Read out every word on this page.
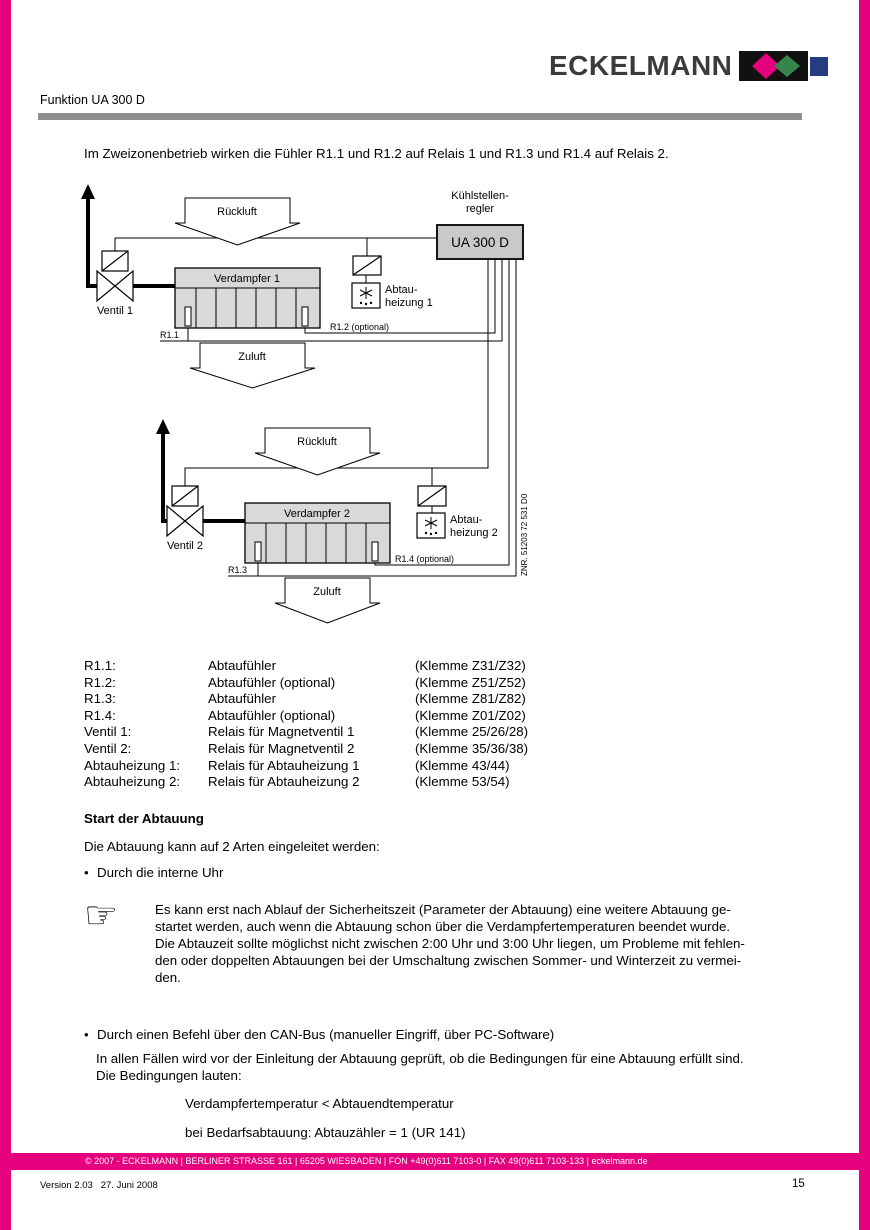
ECKELMANN
Funktion UA 300 D
Im Zweizonenbetrieb wirken die Fühler R1.1 und R1.2 auf Relais 1 und R1.3 und R1.4 auf Relais 2.
Rückluft
Zuluft
Rückluft
Zuluft
Verdampfer 1
Verdampfer 2
Kühlstellen-
regler
UA 300 D
Ventil 1
Ventil 2
Abtau-
heizung 1
Abtau-
heizung 2
R1.1
R1.2 (optional)
R1.3
R1.4 (optional)	ZNR. 51203 72 531 D0
R1.1:	Abtaufühler	(Klemme Z31/Z32)
R1.2:	Abtaufühler (optional)	(Klemme Z51/Z52)
R1.3:	Abtaufühler	(Klemme Z81/Z82)
R1.4:	Abtaufühler (optional)	(Klemme Z01/Z02)
Ventil 1:	Relais für Magnetventil 1	(Klemme 25/26/28)
Ventil 2:	Relais für Magnetventil 2	(Klemme 35/36/38)
Abtauheizung 1:	Relais für Abtauheizung 1	(Klemme 43/44)
Abtauheizung 2:	Relais für Abtauheizung 2	(Klemme 53/54)
Start der Abtauung
Die Abtauung kann auf 2 Arten eingeleitet werden:
• Durch die interne Uhr
☞	Es kann erst nach Ablauf der Sicherheitszeit (Parameter der Abtauung) eine weitere Abtauung ge-
startet werden, auch wenn die Abtauung schon über die Verdampfertemperaturen beendet wurde.
Die Abtauzeit sollte möglichst nicht zwischen 2:00 Uhr und 3:00 Uhr liegen, um Probleme mit fehlen-
den oder doppelten Abtauungen bei der Umschaltung zwischen Sommer- und Winterzeit zu vermei-
den.
• Durch einen Befehl über den CAN-Bus (manueller Eingriff, über PC-Software)
In allen Fällen wird vor der Einleitung der Abtauung geprüft, ob die Bedingungen für eine Abtauung erfüllt sind.
Die Bedingungen lauten:
Verdampfertemperatur < Abtauendtemperatur
bei Bedarfsabtauung: Abtauzähler = 1 (UR 141)
© 2007 - ECKELMANN | BERLINER STRASSE 161 | 65205 WIESBADEN | FON +49(0)611 7103-0 | FAX 49(0)611 7103-133 | eckelmann.de
Version 2.03   27. Juni 2008	15
